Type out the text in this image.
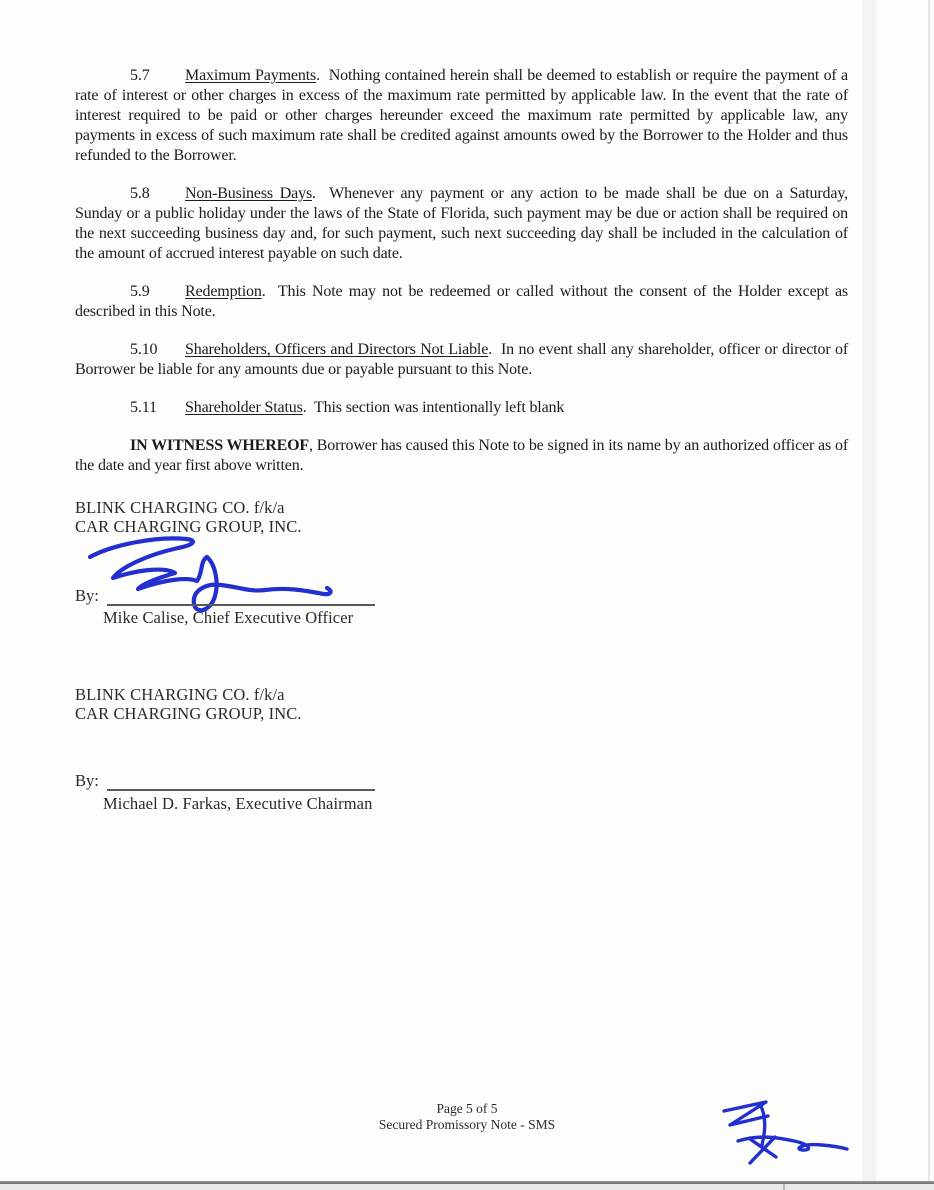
5.7 Maximum Payments. Nothing contained herein shall be deemed to establish or require the payment of a rate of interest or other charges in excess of the maximum rate permitted by applicable law. In the event that the rate of interest required to be paid or other charges hereunder exceed the maximum rate permitted by applicable law, any payments in excess of such maximum rate shall be credited against amounts owed by the Borrower to the Holder and thus refunded to the Borrower.

5.8 Non-Business Days. Whenever any payment or any action to be made shall be due on a Saturday, Sunday or a public holiday under the laws of the State of Florida, such payment may be due or action shall be required on the next succeeding business day and, for such payment, such next succeeding day shall be included in the calculation of the amount of accrued interest payable on such date.

5.9 Redemption. This Note may not be redeemed or called without the consent of the Holder except as described in this Note.

5.10 Shareholders, Officers and Directors Not Liable. In no event shall any shareholder, officer or director of Borrower be liable for any amounts due or payable pursuant to this Note.

5.11 Shareholder Status. This section was intentionally left blank

IN WITNESS WHEREOF, Borrower has caused this Note to be signed in its name by an authorized officer as of the date and year first above written.

BLINK CHARGING CO. f/k/a
CAR CHARGING GROUP, INC.
By:
Mike Calise, Chief Executive Officer
BLINK CHARGING CO. f/k/a
CAR CHARGING GROUP, INC.
By:
Michael D. Farkas, Executive Chairman
Page 5 of 5
Secured Promissory Note - SMS
